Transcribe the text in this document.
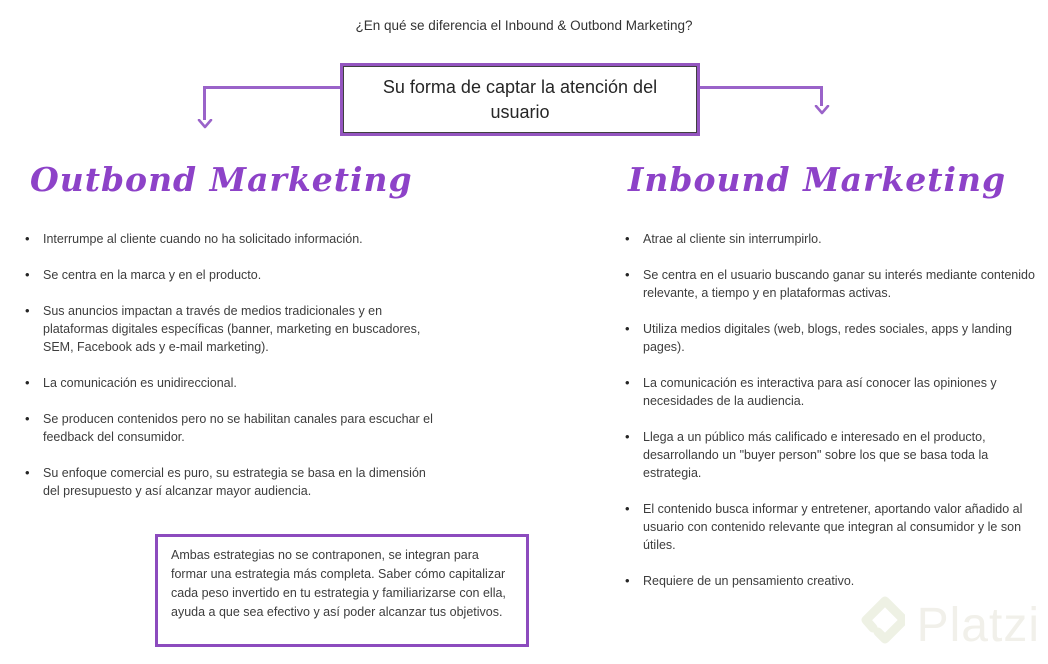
¿En qué se diferencia el Inbound & Outbond Marketing?
Su forma de captar la atención del usuario
Outbond Marketing	Inbound Marketing
• Interrumpe al cliente cuando no ha solicitado información.
• Se centra en la marca y en el producto.
• Sus anuncios impactan a través de medios tradicionales y en plataformas digitales específicas (banner, marketing en buscadores, SEM, Facebook ads y e-mail marketing).
• La comunicación es unidireccional.
• Se producen contenidos pero no se habilitan canales para escuchar el feedback del consumidor.
• Su enfoque comercial es puro, su estrategia se basa en la dimensión del presupuesto y así alcanzar mayor audiencia.
• Atrae al cliente sin interrumpirlo.
• Se centra en el usuario buscando ganar su interés mediante contenido relevante, a tiempo y en plataformas activas.
• Utiliza medios digitales (web, blogs, redes sociales, apps y landing pages).
• La comunicación es interactiva para así conocer las opiniones y necesidades de la audiencia.
• Llega a un público más calificado e interesado en el producto, desarrollando un "buyer person" sobre los que se basa toda la estrategia.
• El contenido busca informar y entretener, aportando valor añadido al usuario con contenido relevante que integran al consumidor y le son útiles.
• Requiere de un pensamiento creativo.
Ambas estrategias no se contraponen, se integran para formar una estrategia más completa. Saber cómo capitalizar cada peso invertido en tu estrategia y familiarizarse con ella, ayuda a que sea efectivo y así poder alcanzar tus objetivos.	Platzi
